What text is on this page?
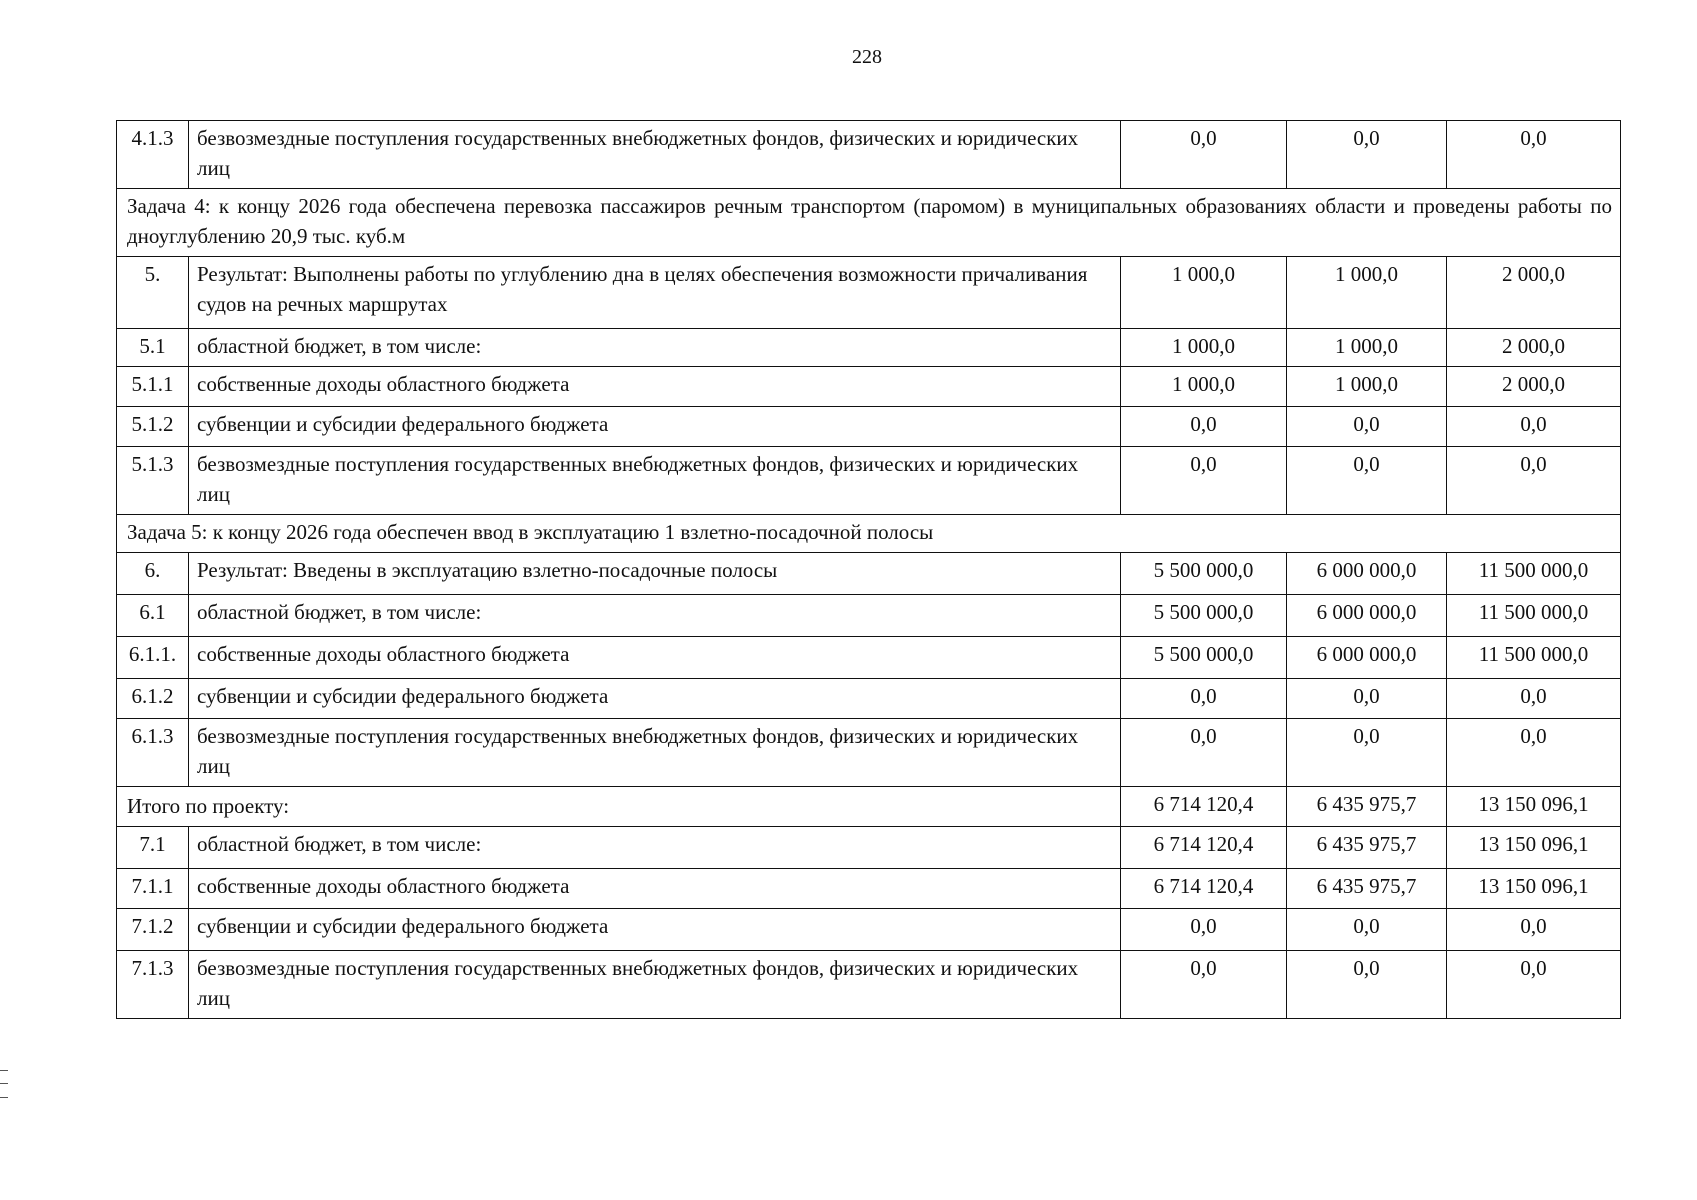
228
4.1.3	безвозмездные поступления государственных внебюджетных фондов, физических и юридических лиц	0,0	0,0	0,0
Задача 4: к концу 2026 года обеспечена перевозка пассажиров речным транспортом (паромом) в муниципальных образованиях области и проведены работы по дноуглублению 20,9 тыс. куб.м				
5.	Результат: Выполнены работы по углублению дна в целях обеспечения возможности причаливания судов на речных маршрутах	1 000,0	1 000,0	2 000,0
5.1	областной бюджет, в том числе:	1 000,0	1 000,0	2 000,0
5.1.1	собственные доходы областного бюджета	1 000,0	1 000,0	2 000,0
5.1.2	субвенции и субсидии федерального бюджета	0,0	0,0	0,0
5.1.3	безвозмездные поступления государственных внебюджетных фондов, физических и юридических лиц	0,0	0,0	0,0
Задача 5: к концу 2026 года обеспечен ввод в эксплуатацию 1 взлетно-посадочной полосы				
6.	Результат: Введены в эксплуатацию взлетно-посадочные полосы	5 500 000,0	6 000 000,0	11 500 000,0
6.1	областной бюджет, в том числе:	5 500 000,0	6 000 000,0	11 500 000,0
6.1.1.	собственные доходы областного бюджета	5 500 000,0	6 000 000,0	11 500 000,0
6.1.2	субвенции и субсидии федерального бюджета	0,0	0,0	0,0
6.1.3	безвозмездные поступления государственных внебюджетных фондов, физических и юридических лиц	0,0	0,0	0,0
Итого по проекту:		6 714 120,4	6 435 975,7	13 150 096,1
7.1	областной бюджет, в том числе:	6 714 120,4	6 435 975,7	13 150 096,1
7.1.1	собственные доходы областного бюджета	6 714 120,4	6 435 975,7	13 150 096,1
7.1.2	субвенции и субсидии федерального бюджета	0,0	0,0	0,0
7.1.3	безвозмездные поступления государственных внебюджетных фондов, физических и юридических лиц	0,0	0,0	0,0
